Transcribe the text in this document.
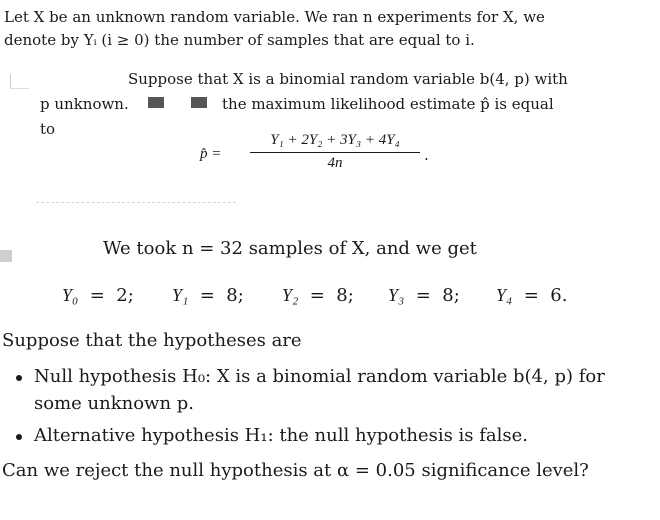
Let X be an unknown random variable. We ran n experiments for X, we
denote by Yᵢ (i ≥ 0) the number of samples that are equal to i.
Suppose that X is a binomial random variable b(4, p) with
p unknown.	the maximum likelihood estimate p̂ is equal
to
p̂ =
Y₁ + 2Y₂ + 3Y₃ + 4Y₄
4n	.
We took n = 32 samples of X, and we get
Y₀  =  2; Y₁  =  8; Y₂  =  8; Y₃  =  8; Y₄  =  6.
Suppose that the hypotheses are
Null hypothesis H₀: X is a binomial random variable b(4, p) for
some unknown p.
Alternative hypothesis H₁: the null hypothesis is false.
Can we reject the null hypothesis at α = 0.05 significance level?
